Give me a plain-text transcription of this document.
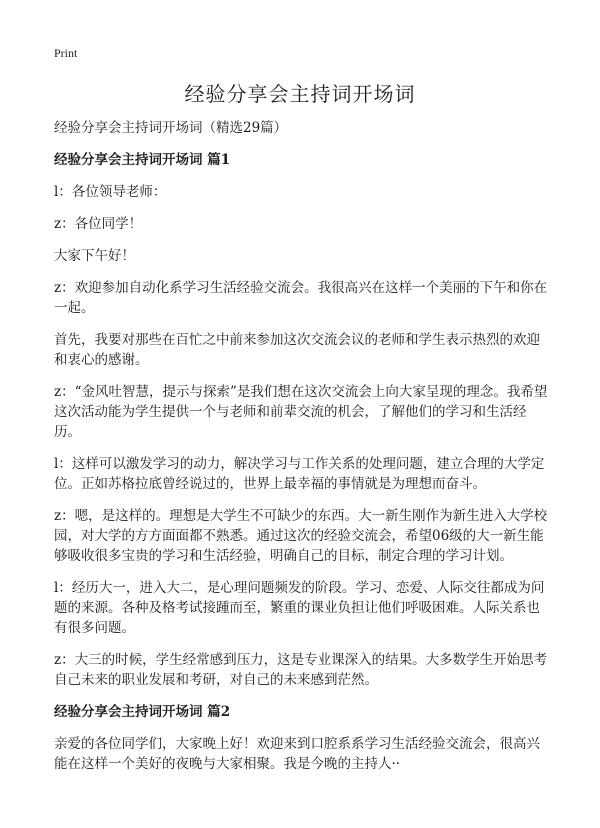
Print
经验分享会主持词开场词

经验分享会主持词开场词（精选29篇）

经验分享会主持词开场词 篇1

l：各位领导老师：

z：各位同学！

大家下午好！

z：欢迎参加自动化系学习生活经验交流会。我很高兴在这样一个美丽的下午和你在一起。

首先，我要对那些在百忙之中前来参加这次交流会议的老师和学生表示热烈的欢迎和衷心的感谢。

z：“金风吐智慧，提示与探索”是我们想在这次交流会上向大家呈现的理念。我希望这次活动能为学生提供一个与老师和前辈交流的机会，了解他们的学习和生活经历。

l：这样可以激发学习的动力，解决学习与工作关系的处理问题，建立合理的大学定位。正如苏格拉底曾经说过的，世界上最幸福的事情就是为理想而奋斗。

z：嗯，是这样的。理想是大学生不可缺少的东西。大一新生刚作为新生进入大学校园，对大学的方方面面都不熟悉。通过这次的经验交流会，希望06级的大一新生能够吸收很多宝贵的学习和生活经验，明确自己的目标，制定合理的学习计划。

l：经历大一，进入大二，是心理问题频发的阶段。学习、恋爱、人际交往都成为问题的来源。各种及格考试接踵而至，繁重的课业负担让他们呼吸困难。人际关系也有很多问题。

z：大三的时候，学生经常感到压力，这是专业课深入的结果。大多数学生开始思考自己未来的职业发展和考研，对自己的未来感到茫然。

经验分享会主持词开场词 篇2

亲爱的各位同学们，大家晚上好！欢迎来到口腔系系学习生活经验交流会，很高兴能在这样一个美好的夜晚与大家相聚。我是今晚的主持人··
